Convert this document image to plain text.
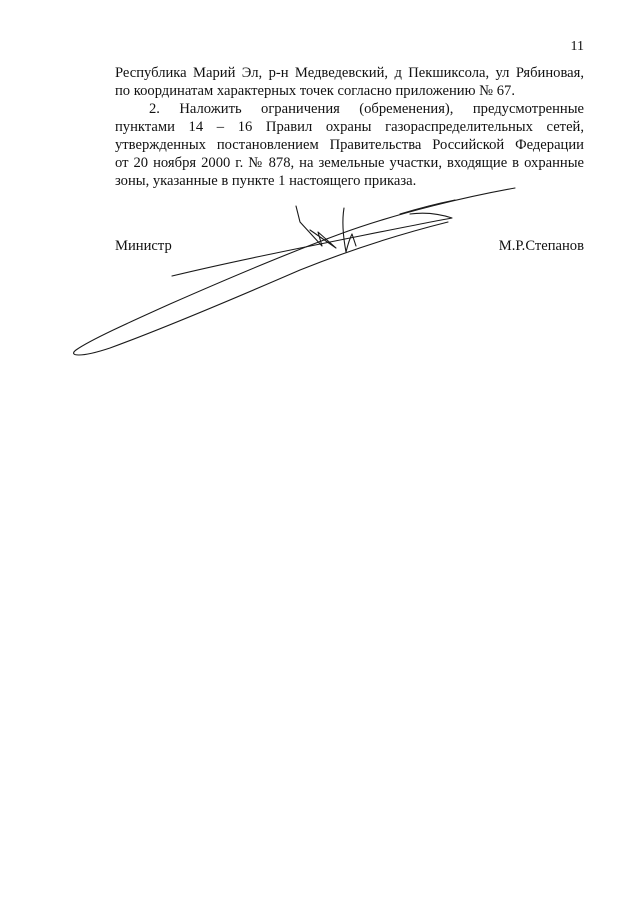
11

Республика Марий Эл, р-н Медведевский, д Пекшиксола, ул Рябиновая,

по координатам характерных точек согласно приложению № 67.

2. Наложить ограничения (обременения), предусмотренные

пунктами 14 – 16 Правил охраны газораспределительных сетей,

утвержденных постановлением Правительства Российской Федерации

от 20 ноября 2000 г. № 878, на земельные участки, входящие в охранные

зоны, указанные в пункте 1 настоящего приказа.

Министр	М.Р.Степанов
